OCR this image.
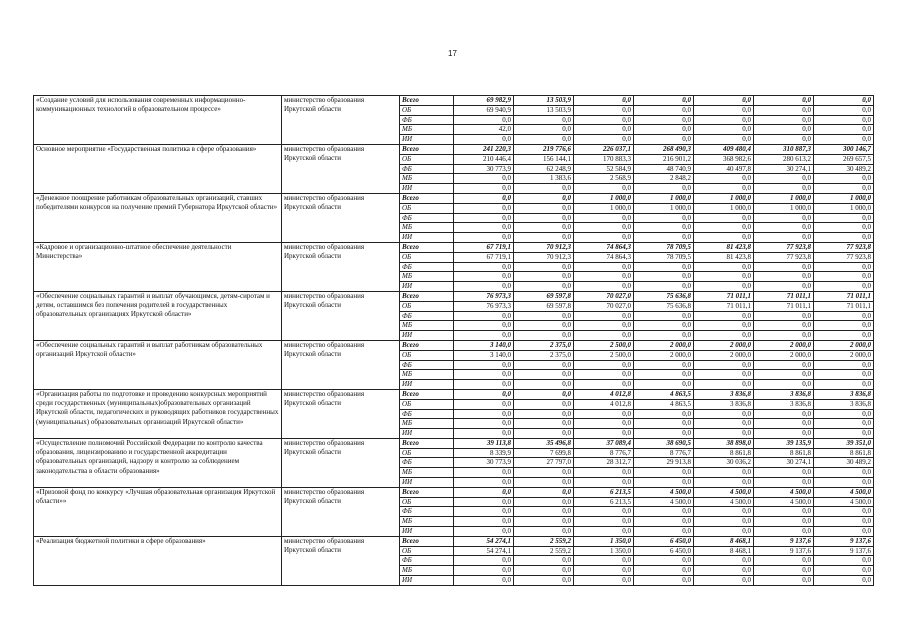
17
«Создание условий для использования современных информационно-коммуникационных технологий в образовательном процессе»	министерство образования Иркутской области	Всего	69 982,9	13 503,9	0,0	0,0	0,0	0,0	0,0
		ОБ	69 940,9	13 503,9	0,0	0,0	0,0	0,0	0,0
		ФБ	0,0	0,0	0,0	0,0	0,0	0,0	0,0
		МБ	42,0	0,0	0,0	0,0	0,0	0,0	0,0
		ИИ	0,0	0,0	0,0	0,0	0,0	0,0	0,0
Основное мероприятие «Государственная политика в сфере образования»	министерство образования Иркутской области	Всего	241 220,3	219 776,6	226 037,1	268 490,3	409 480,4	310 887,3	300 146,7
		ОБ	210 446,4	156 144,1	170 883,3	216 901,2	368 982,6	280 613,2	269 657,5
		ФБ	30 773,9	62 248,9	52 584,9	48 740,9	40 497,8	30 274,1	30 489,2
		МБ	0,0	1 383,6	2 568,9	2 848,2	0,0	0,0	0,0
		ИИ	0,0	0,0	0,0	0,0	0,0	0,0	0,0
«Денежное поощрение работникам образовательных организаций, ставших победителями конкурсов на получение премий Губернатора Иркутской области»	министерство образования Иркутской области	Всего	0,0	0,0	1 000,0	1 000,0	1 000,0	1 000,0	1 000,0
		ОБ	0,0	0,0	1 000,0	1 000,0	1 000,0	1 000,0	1 000,0
		ФБ	0,0	0,0	0,0	0,0	0,0	0,0	0,0
		МБ	0,0	0,0	0,0	0,0	0,0	0,0	0,0
		ИИ	0,0	0,0	0,0	0,0	0,0	0,0	0,0
«Кадровое и организационно-штатное обеспечение деятельности Министерства»	министерство образования Иркутской области	Всего	67 719,1	70 912,3	74 864,3	78 709,5	81 423,8	77 923,8	77 923,8
		ОБ	67 719,1	70 912,3	74 864,3	78 709,5	81 423,8	77 923,8	77 923,8
		ФБ	0,0	0,0	0,0	0,0	0,0	0,0	0,0
		МБ	0,0	0,0	0,0	0,0	0,0	0,0	0,0
		ИИ	0,0	0,0	0,0	0,0	0,0	0,0	0,0
«Обеспечение социальных гарантий и выплат обучающимся, детям-сиротам и детям, оставшимся без попечения родителей в государственных образовательных организациях Иркутской области»	министерство образования Иркутской области	Всего	76 973,3	69 597,8	70 027,0	75 636,8	71 011,1	71 011,1	71 011,1
		ОБ	76 973,3	69 597,8	70 027,0	75 636,8	71 011,1	71 011,1	71 011,1
		ФБ	0,0	0,0	0,0	0,0	0,0	0,0	0,0
		МБ	0,0	0,0	0,0	0,0	0,0	0,0	0,0
		ИИ	0,0	0,0	0,0	0,0	0,0	0,0	0,0
«Обеспечение социальных гарантий и выплат работникам образовательных организаций Иркутской области»	министерство образования Иркутской области	Всего	3 140,0	2 375,0	2 500,0	2 000,0	2 000,0	2 000,0	2 000,0
		ОБ	3 140,0	2 375,0	2 500,0	2 000,0	2 000,0	2 000,0	2 000,0
		ФБ	0,0	0,0	0,0	0,0	0,0	0,0	0,0
		МБ	0,0	0,0	0,0	0,0	0,0	0,0	0,0
		ИИ	0,0	0,0	0,0	0,0	0,0	0,0	0,0
«Организация работы по подготовке и проведению конкурсных мероприятий среди государственных (муниципальных)образовательных организаций Иркутской области, педагогических и руководящих работников государственных (муниципальных) образовательных организаций Иркутской области»	министерство образования Иркутской области	Всего	0,0	0,0	4 012,8	4 863,5	3 836,8	3 836,8	3 836,8
		ОБ	0,0	0,0	4 012,8	4 863,5	3 836,8	3 836,8	3 836,8
		ФБ	0,0	0,0	0,0	0,0	0,0	0,0	0,0
		МБ	0,0	0,0	0,0	0,0	0,0	0,0	0,0
		ИИ	0,0	0,0	0,0	0,0	0,0	0,0	0,0
«Осуществление полномочий Российской Федерации по контролю качества образования, лицензированию и государственной аккредитации образовательных организаций, надзору и контролю за соблюдением законодательства в области образования»	министерство образования Иркутской области	Всего	39 113,8	35 496,8	37 089,4	38 690,5	38 898,0	39 135,9	39 351,0
		ОБ	8 339,9	7 699,8	8 776,7	8 776,7	8 861,8	8 861,8	8 861,8
		ФБ	30 773,9	27 797,0	28 312,7	29 913,8	30 036,2	30 274,1	30 489,2
		МБ	0,0	0,0	0,0	0,0	0,0	0,0	0,0
		ИИ	0,0	0,0	0,0	0,0	0,0	0,0	0,0
«Призовой фонд по конкурсу «Лучшая образовательная организация Иркутской области»»	министерство образования Иркутской области	Всего	0,0	0,0	6 213,5	4 500,0	4 500,0	4 500,0	4 500,0
		ОБ	0,0	0,0	6 213,5	4 500,0	4 500,0	4 500,0	4 500,0
		ФБ	0,0	0,0	0,0	0,0	0,0	0,0	0,0
		МБ	0,0	0,0	0,0	0,0	0,0	0,0	0,0
		ИИ	0,0	0,0	0,0	0,0	0,0	0,0	0,0
«Реализация бюджетной политики в сфере образования»	министерство образования Иркутской области	Всего	54 274,1	2 559,2	1 350,0	6 450,0	8 468,1	9 137,6	9 137,6
		ОБ	54 274,1	2 559,2	1 350,0	6 450,0	8 468,1	9 137,6	9 137,6
		ФБ	0,0	0,0	0,0	0,0	0,0	0,0	0,0
		МБ	0,0	0,0	0,0	0,0	0,0	0,0	0,0
		ИИ	0,0	0,0	0,0	0,0	0,0	0,0	0,0
